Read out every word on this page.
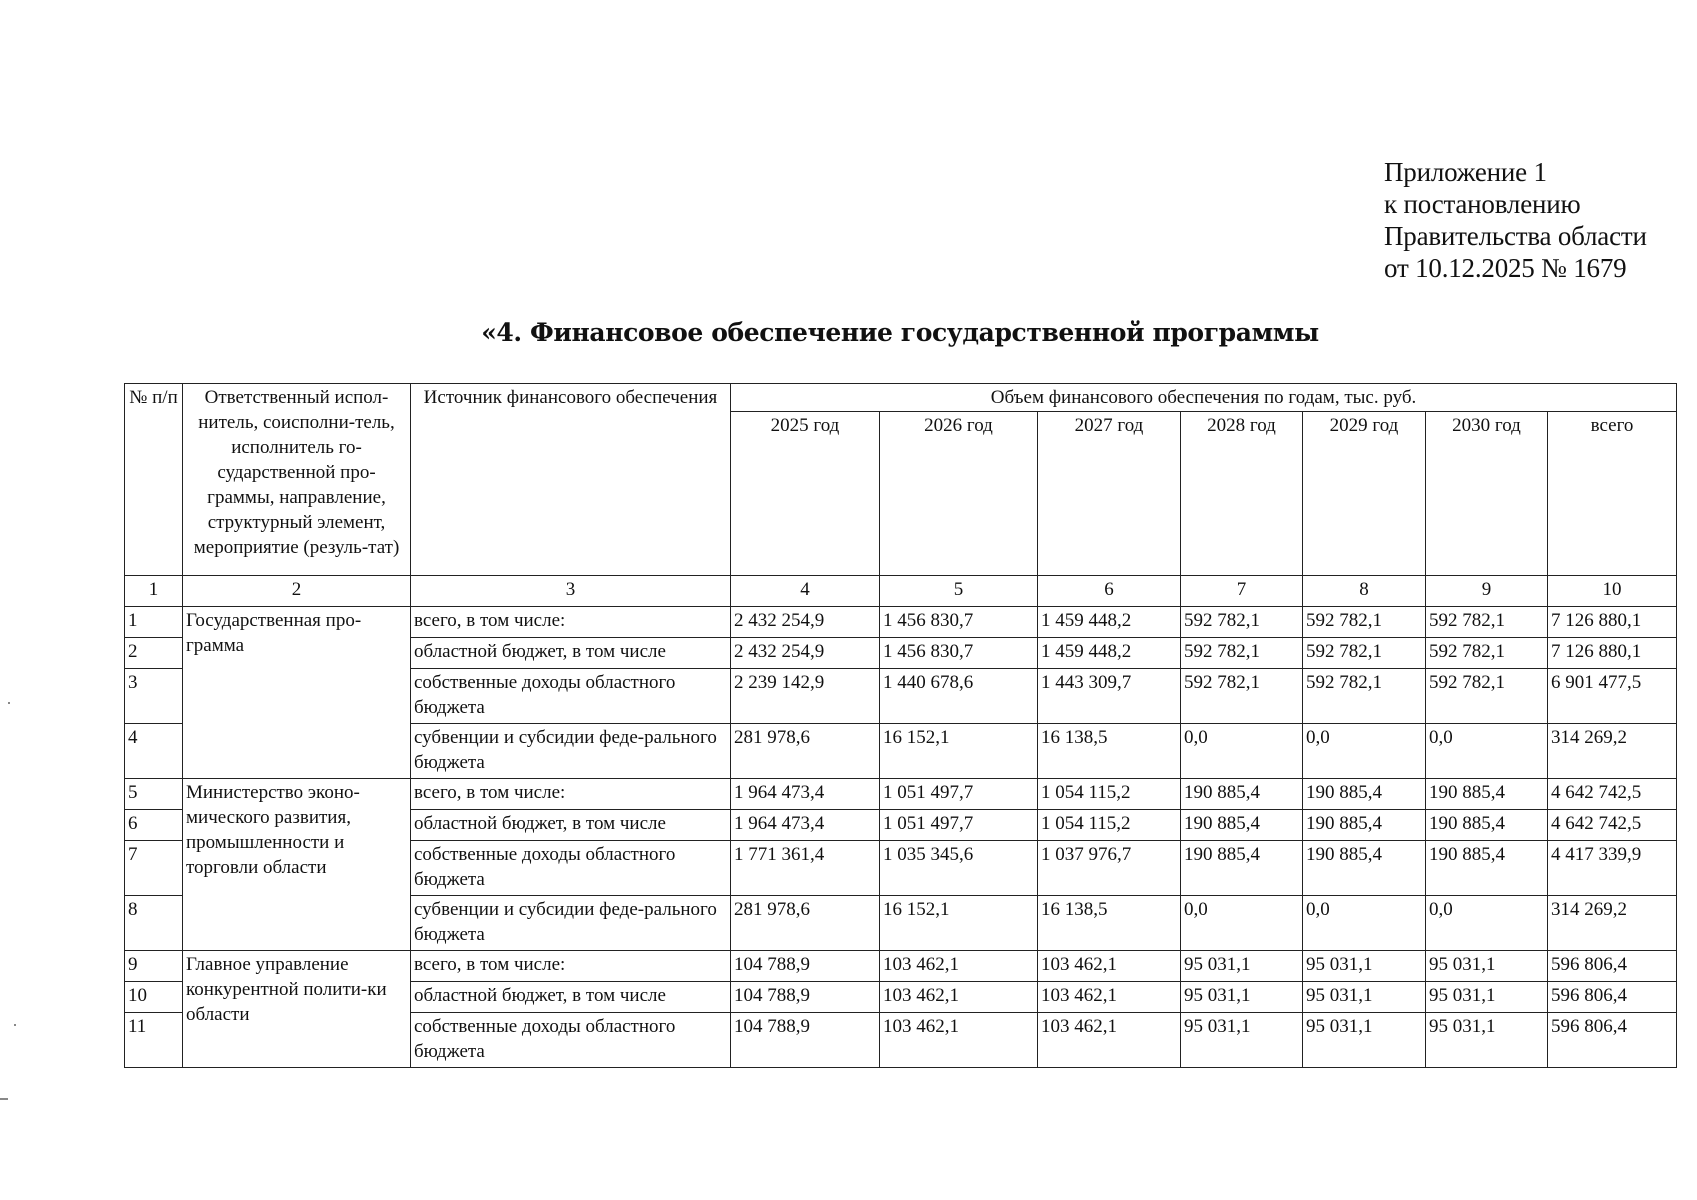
Приложение 1
к постановлению
Правительства области
от 10.12.2025 № 1679
«4. Финансовое обеспечение государственной программы
№ п/п	Ответственный испол-нитель, соисполни-тель, исполнитель го-сударственной про-граммы, направление, структурный элемент, мероприятие (резуль-тат)	Источник финансового обеспечения	Объем финансового обеспечения по годам, тыс. руб.						
			2025 год	2026 год	2027 год	2028 год	2029 год	2030 год	всего
1	2	3	4	5	6	7	8	9	10
1	Государственная про-грамма	всего, в том числе:	2 432 254,9	1 456 830,7	1 459 448,2	592 782,1	592 782,1	592 782,1	7 126 880,1
2		областной бюджет, в том числе	2 432 254,9	1 456 830,7	1 459 448,2	592 782,1	592 782,1	592 782,1	7 126 880,1
3		собственные доходы областного бюджета	2 239 142,9	1 440 678,6	1 443 309,7	592 782,1	592 782,1	592 782,1	6 901 477,5
4		субвенции и субсидии феде-рального бюджета	281 978,6	16 152,1	16 138,5	0,0	0,0	0,0	314 269,2
5	Министерство эконо-мического развития, промышленности и торговли области	всего, в том числе:	1 964 473,4	1 051 497,7	1 054 115,2	190 885,4	190 885,4	190 885,4	4 642 742,5
6		областной бюджет, в том числе	1 964 473,4	1 051 497,7	1 054 115,2	190 885,4	190 885,4	190 885,4	4 642 742,5
7		собственные доходы областного бюджета	1 771 361,4	1 035 345,6	1 037 976,7	190 885,4	190 885,4	190 885,4	4 417 339,9
8		субвенции и субсидии феде-рального бюджета	281 978,6	16 152,1	16 138,5	0,0	0,0	0,0	314 269,2
9	Главное управление конкурентной полити-ки области	всего, в том числе:	104 788,9	103 462,1	103 462,1	95 031,1	95 031,1	95 031,1	596 806,4
10		областной бюджет, в том числе	104 788,9	103 462,1	103 462,1	95 031,1	95 031,1	95 031,1	596 806,4
11		собственные доходы областного бюджета	104 788,9	103 462,1	103 462,1	95 031,1	95 031,1	95 031,1	596 806,4
